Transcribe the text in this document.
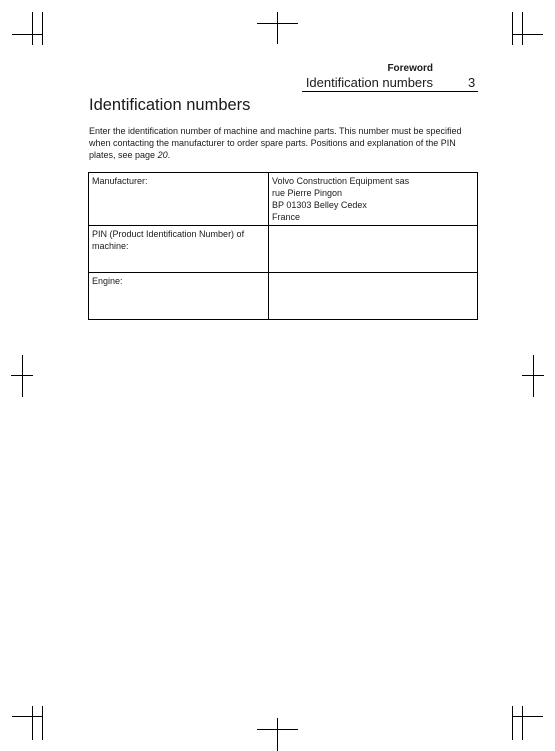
Foreword
Identification numbers	3
Identification numbers

Enter the identification number of machine and machine parts. This number must be specified when contacting the manufacturer to order spare parts. Positions and explanation of the PIN plates, see page 20.

Manufacturer:	Volvo Construction Equipment sas
rue Pierre Pingon
BP 01303 Belley Cedex
France

PIN (Product Identification Number) of machine:	
Engine:	
